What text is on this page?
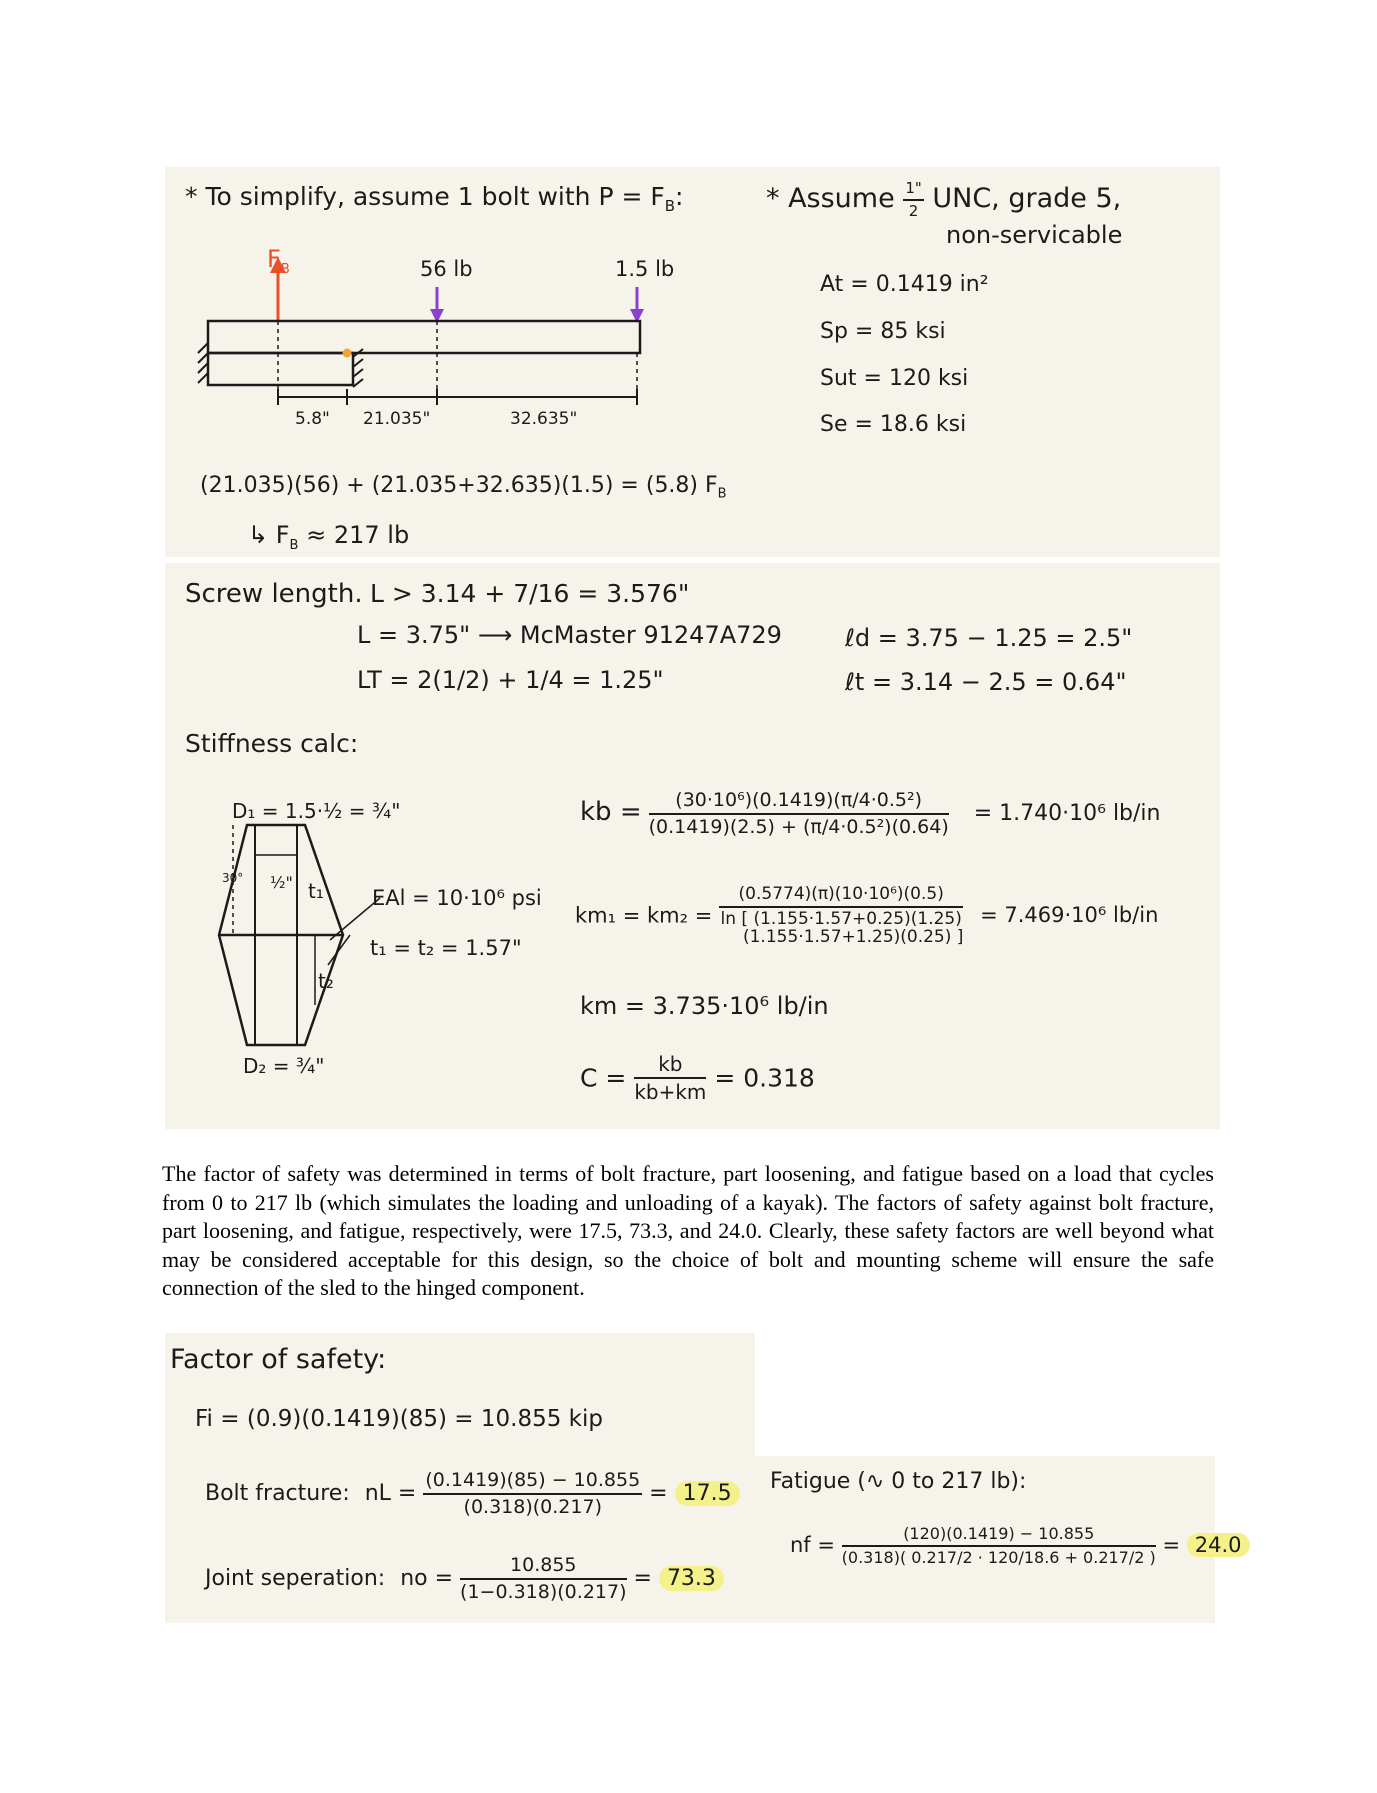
* To simplify, assume 1 bolt with $P = F_B$:
$F_B$	56 lb	1.5 lb
5.8" 21.035"	32.635"
(21.035)(56) + (21.035+32.635)(1.5) = (5.8) $F_B$
↳ $F_B \approx 217$ lb
* Assume $\frac{1"}{2}$ UNC, grade 5,
non-servicable
At = 0.1419 in²
Sp = 85 ksi
Sut = 120 ksi
Se = 18.6 ksi
Screw length. L > 3.14 + 7/16 = 3.576"
L = 3.75" ⟶ McMaster 91247A729
LT = 2(1/2) + 1/4 = 1.25"
ℓd = 3.75 − 1.25 = 2.5"
ℓt = 3.14 − 2.5 = 0.64"
Stiffness calc:
D₁ = 1.5·½ = ¾"
30° ½" t₁
t₂
D₂ = ¾"
EAl = 10·10⁶ psi
t₁ = t₂ = 1.57"
kb = $\frac{\text{(30·10⁶)(0.1419)(π/4·0.5²)}}{\text{(0.1419)(2.5) + (π/4·0.5²)(0.64)}} = 1.740\cdot 10^6$ lb/in
km₁ = km₂ = (0.5774)(π)(10·10⁶)(0.5)
ln [ (1.155·1.57+0.25)(1.25)
(1.155·1.57+1.25)(0.25) ] = 7.469·10⁶ lb/in
km = 3.735·10⁶ lb/in
$C = \frac{kb}{kb+km} = 0.318$
The factor of safety was determined in terms of bolt fracture, part loosening, and fatigue based on a load that cycles from 0 to 217 lb (which simulates the loading and unloading of a kayak). The factors of safety against bolt fracture, part loosening, and fatigue, respectively, were 17.5, 73.3, and 24.0. Clearly, these safety factors are well beyond what may be considered acceptable for this design, so the choice of bolt and mounting scheme will ensure the safe connection of the sled to the hinged component.
Factor of safety:
Fi = (0.9)(0.1419)(85) = 10.855 kip
Bolt fracture: nL = $\frac{(0.1419)(85) - 10.855}{(0.318)(0.217)} = 17.5$
Joint seperation: no = $\frac{10.855}{(1-0.318)(0.217)} = 73.3$
Fatigue (∿ 0 to 217 lb):
nf = $\frac{(120)(0.1419) - 10.855}{(0.318)( 0.217/2 \cdot 120/18.6 + 0.217/2 )} = 24.0$
